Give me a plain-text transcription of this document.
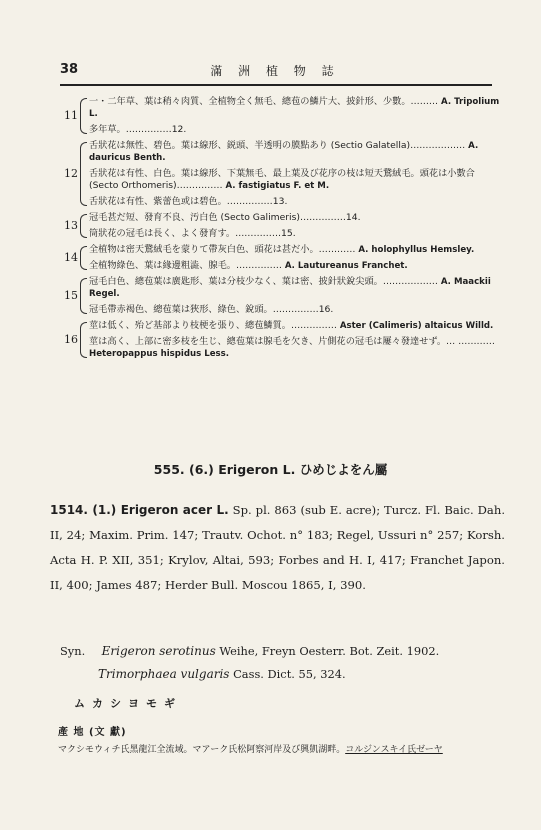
38	滿 洲 植 物 誌
11
一・二年草、葉は稍々肉質、全植物全く無毛、總苞の鱗片大、披針形、少數。……… A. Tripolium L.
多年草。……………12.
12
舌狀花は無性、碧色。葉は線形、鋭頭、半透明の膜點あり (Sectio Galatella)……………… A. dauricus Benth.
舌狀花は有性、白色。葉は線形、下葉無毛、最上葉及び花序の枝は短天鵞絨毛。頭花は小數合 (Secto Orthomeris)…………… A. fastigiatus F. et M.
舌狀花は有性、紫蕾色或は碧色。……………13.
13
冠毛甚だ短、發育不良、汚白色 (Secto Galimeris)……………14.
筒狀花の冠毛は長く、よく發育す。……………15.
14
全植物は密天鵞絨毛を蒙りて帶灰白色、頭花は甚だ小。………… A. holophyllus Hemsley.
全植物綠色、葉は緣邊粗澁、腺毛。…………… A. Lautureanus Franchet.
15
冠毛白色、總苞葉は廣匙形、葉は分枝少なく、葉は密、披針狀銳尖頭。……………… A. Maackii Regel.
冠毛帶赤褐色、總苞葉は狹形、綠色、銳頭。……………16.
16
莖は低く、殆ど基部より枝梗を張り、總苞鱗質。…………… Aster (Calimeris) altaicus Willd.
莖は高く、上部に密多枝を生じ、總苞葉は腺毛を欠き、片側花の冠毛は屢々發達せず。… …………Heteropappus hispidus Less.
555. (6.) Erigeron L. ひめじよをん屬
1514. (1.) Erigeron acer L. Sp. pl. 863 (sub E. acre); Turcz. Fl. Baic. Dah. II, 24; Maxim. Prim. 147; Trautv. Ochot. n° 183; Regel, Ussuri n° 257; Korsh. Acta H. P. XII, 351; Krylov, Altai, 593; Forbes and H. I, 417; Franchet Japon. II, 400; James 487; Herder Bull. Moscou 1865, I, 390.
Syn. Erigeron serotinus Weihe, Freyn Oesterr. Bot. Zeit. 1902.
Trimorphaea vulgaris Cass. Dict. 55, 324.
ムカシヨモギ
產 地 (文 獻)
マクシモウィチ氏黑龍江全流域。マアーク氏松阿察河岸及び興凱湖畔。コルジンスキイ氏ゼーヤ
